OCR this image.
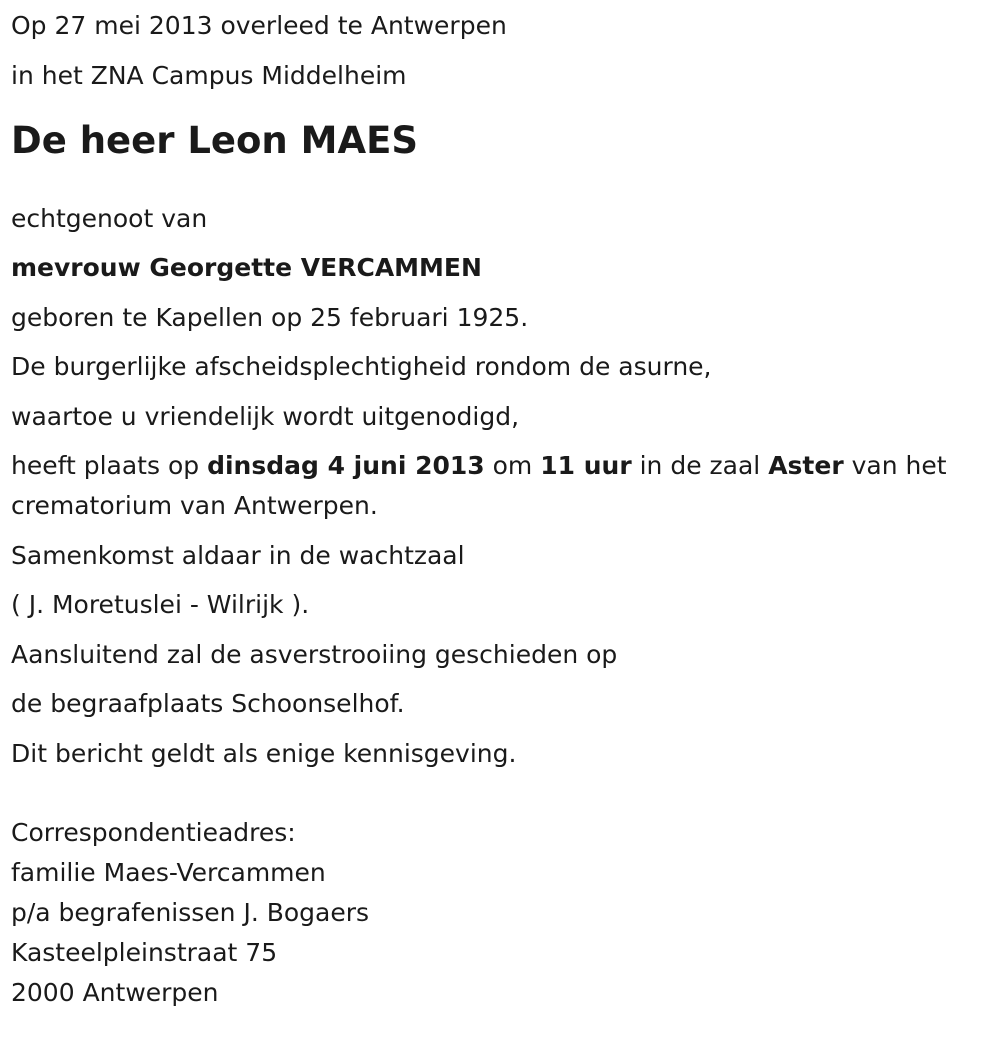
Op 27 mei 2013 overleed te Antwerpen
in het ZNA Campus Middelheim
De heer Leon MAES
echtgenoot van
mevrouw Georgette VERCAMMEN
geboren te Kapellen op 25 februari 1925.
De burgerlijke afscheidsplechtigheid rondom de asurne,
waartoe u vriendelijk wordt uitgenodigd,
heeft plaats op dinsdag 4 juni 2013 om 11 uur in de zaal Aster van het crematorium van Antwerpen.
Samenkomst aldaar in de wachtzaal
( J. Moretuslei - Wilrijk ).
Aansluitend zal de asverstrooiing geschieden op
de begraafplaats Schoonselhof.
Dit bericht geldt als enige kennisgeving.
Correspondentieadres:
familie Maes-Vercammen
p/a begrafenissen J. Bogaers
Kasteelpleinstraat 75
2000 Antwerpen
